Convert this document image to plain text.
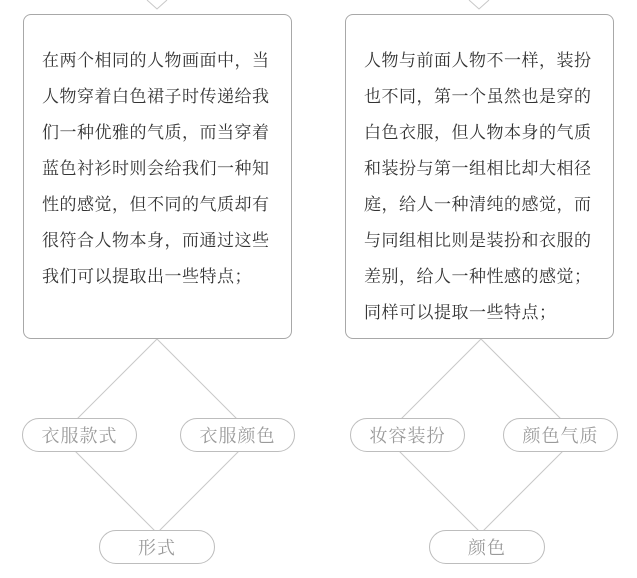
在两个相同的人物画面中，当
人物穿着白色裙子时传递给我
们一种优雅的气质，而当穿着
蓝色衬衫时则会给我们一种知
性的感觉，但不同的气质却有
很符合人物本身，而通过这些
我们可以提取出一些特点；
人物与前面人物不一样，装扮
也不同，第一个虽然也是穿的
白色衣服，但人物本身的气质
和装扮与第一组相比却大相径
庭，给人一种清纯的感觉，而
与同组相比则是装扮和衣服的
差别，给人一种性感的感觉；
同样可以提取一些特点；
衣服款式	衣服颜色
形式
妆容装扮	颜色气质
颜色
